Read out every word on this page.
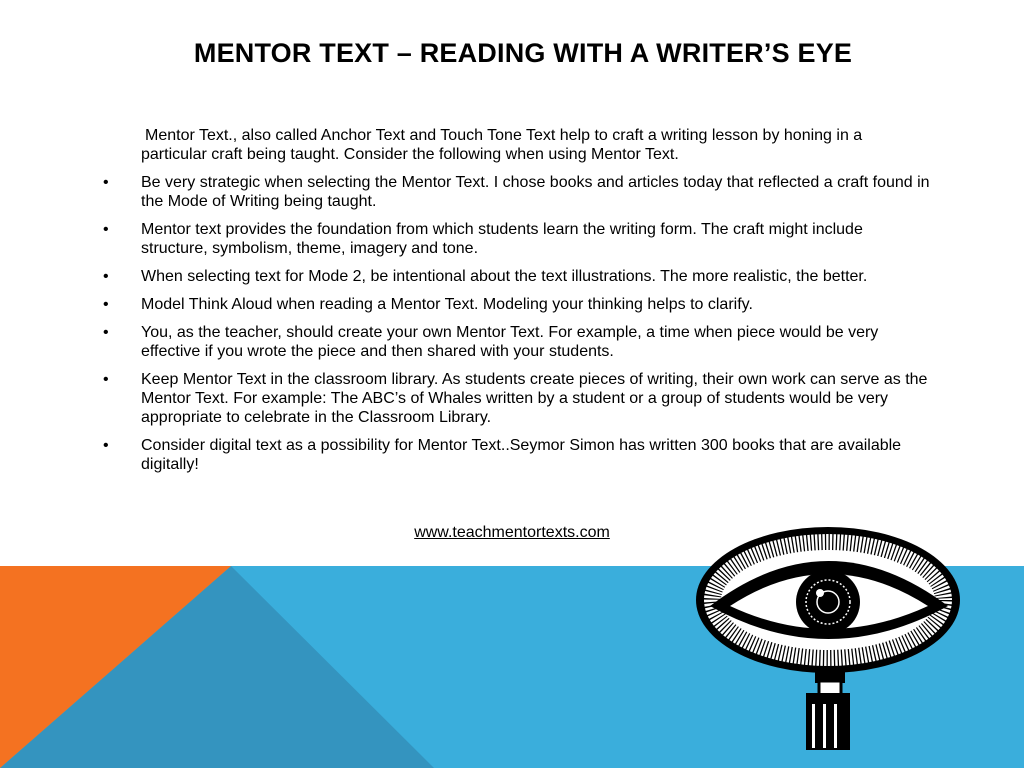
MENTOR TEXT – READING WITH A WRITER’S EYE

Mentor Text., also called Anchor Text and Touch Tone Text help to craft a writing lesson by honing in a particular craft being taught. Consider the following when using Mentor Text.

• Be very strategic when selecting the Mentor Text. I chose books and articles today that reflected a craft found in the Mode of Writing being taught.
• Mentor text provides the foundation from which students learn the writing form. The craft might include structure, symbolism, theme, imagery and tone.
• When selecting text for Mode 2, be intentional about the text illustrations. The more realistic, the better.
• Model Think Aloud when reading a Mentor Text. Modeling your thinking helps to clarify.
• You, as the teacher, should create your own Mentor Text. For example, a time when piece would be very effective if you wrote the piece and then shared with your students.
• Keep Mentor Text in the classroom library. As students create pieces of writing, their own work can serve as the Mentor Text. For example: The ABC’s of Whales written by a student or a group of students would be very appropriate to celebrate in the Classroom Library.
• Consider digital text as a possibility for Mentor Text..Seymor Simon has written 300 books that are available digitally!
www.teachmentortexts.com
